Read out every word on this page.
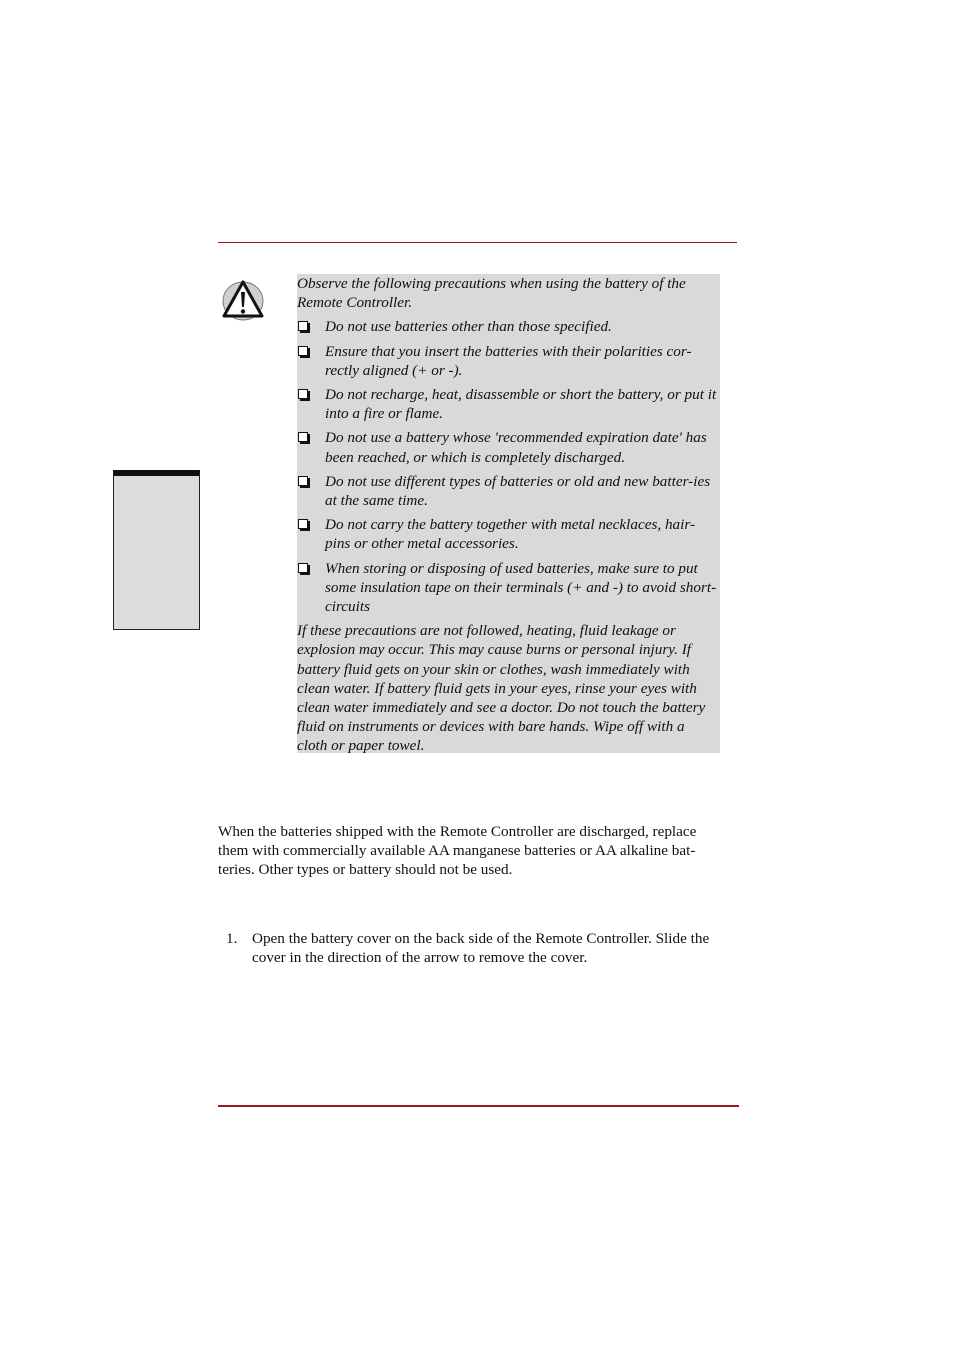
Observe the following precautions when using the battery of the Remote Controller.

Do not use batteries other than those specified.
Ensure that you insert the batteries with their polarities cor-rectly aligned (+ or -).
Do not recharge, heat, disassemble or short the battery, or put it into a fire or flame.
Do not use a battery whose 'recommended expiration date' has been reached, or which is completely discharged.
Do not use different types of batteries or old and new batter-ies at the same time.
Do not carry the battery together with metal necklaces, hair-pins or other metal accessories.
When storing or disposing of used batteries, make sure to put some insulation tape on their terminals (+ and -) to avoid short-circuits

If these precautions are not followed, heating, fluid leakage or explosion may occur. This may cause burns or personal injury. If battery fluid gets on your skin or clothes, wash immediately with clean water. If battery fluid gets in your eyes, rinse your eyes with clean water immediately and see a doctor. Do not touch the battery fluid on instruments or devices with bare hands. Wipe off with a cloth or paper towel.

When the batteries shipped with the Remote Controller are discharged, replace them with commercially available AA manganese batteries or AA alkaline bat-teries. Other types or battery should not be used.

1. Open the battery cover on the back side of the Remote Controller. Slide the cover in the direction of the arrow to remove the cover.
